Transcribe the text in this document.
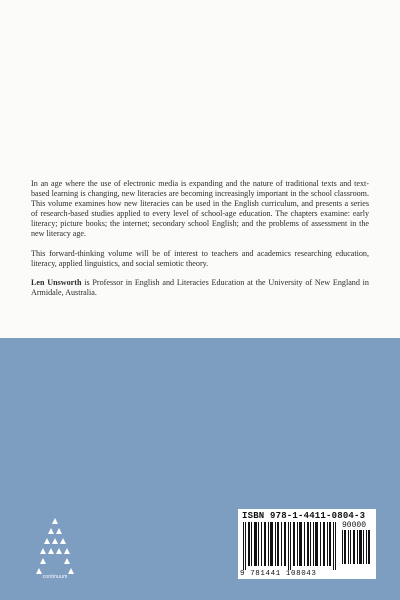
In an age where the use of electronic media is expanding and the nature of traditional texts and text-based learning is changing, new literacies are becoming increasingly important in the school classroom. This volume examines how new literacies can be used in the English curriculum, and presents a series of research-based studies applied to every level of school-age education. The chapters examine: early literacy; picture books; the internet; secondary school English; and the problems of assessment in the new literacy age.

This forward-thinking volume will be of interest to teachers and academics researching education, literacy, applied linguistics, and social semiotic theory.

Len Unsworth is Professor in English and Literacies Education at the University of New England in Armidale, Australia.

continuum
ISBN 978-1-4411-0804-3
90000
9 781441 108043
